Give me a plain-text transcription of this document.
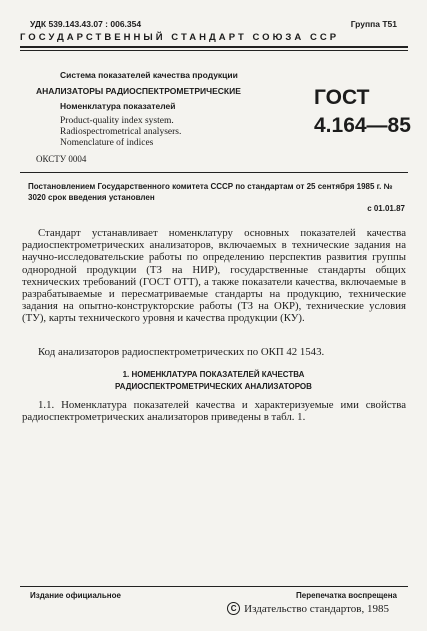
УДК 539.143.43.07 : 006.354	Группа Т51
ГОСУДАРСТВЕННЫЙ СТАНДАРТ СОЮЗА ССР
Система показателей качества продукции
АНАЛИЗАТОРЫ РАДИОСПЕКТРОМЕТРИЧЕСКИЕ
Номенклатура показателей
Product-quality index system.
Radiospectrometrical analysers.
Nomenclature of indices
ГОСТ
4.164—85
ОКСТУ 0004
Постановлением Государственного комитета СССР по стандартам от 25 сентября 1985 г. № 3020 срок введения установлен
с 01.01.87

Стандарт устанавливает номенклатуру основных показателей качества радиоспектрометрических анализаторов, включаемых в технические задания на научно-исследовательские работы по определению перспектив развития группы однородной продукции (ТЗ на НИР), государственные стандарты общих технических требований (ГОСТ ОТТ), а также показатели качества, включаемые в разрабатываемые и пересматриваемые стандарты на продукцию, технические задания на опытно-конструкторские работы (ТЗ на ОКР), технические условия (ТУ), карты технического уровня и качества продукции (КУ).

Код анализаторов радиоспектрометрических по ОКП 42 1543.

1. НОМЕНКЛАТУРА ПОКАЗАТЕЛЕЙ КАЧЕСТВА
РАДИОСПЕКТРОМЕТРИЧЕСКИХ АНАЛИЗАТОРОВ

1.1. Номенклатура показателей качества и характеризуемые ими свойства радиоспектрометрических анализаторов приведены в табл. 1.

Издание официальное	Перепечатка воспрещена
C Издательство стандартов, 1985
